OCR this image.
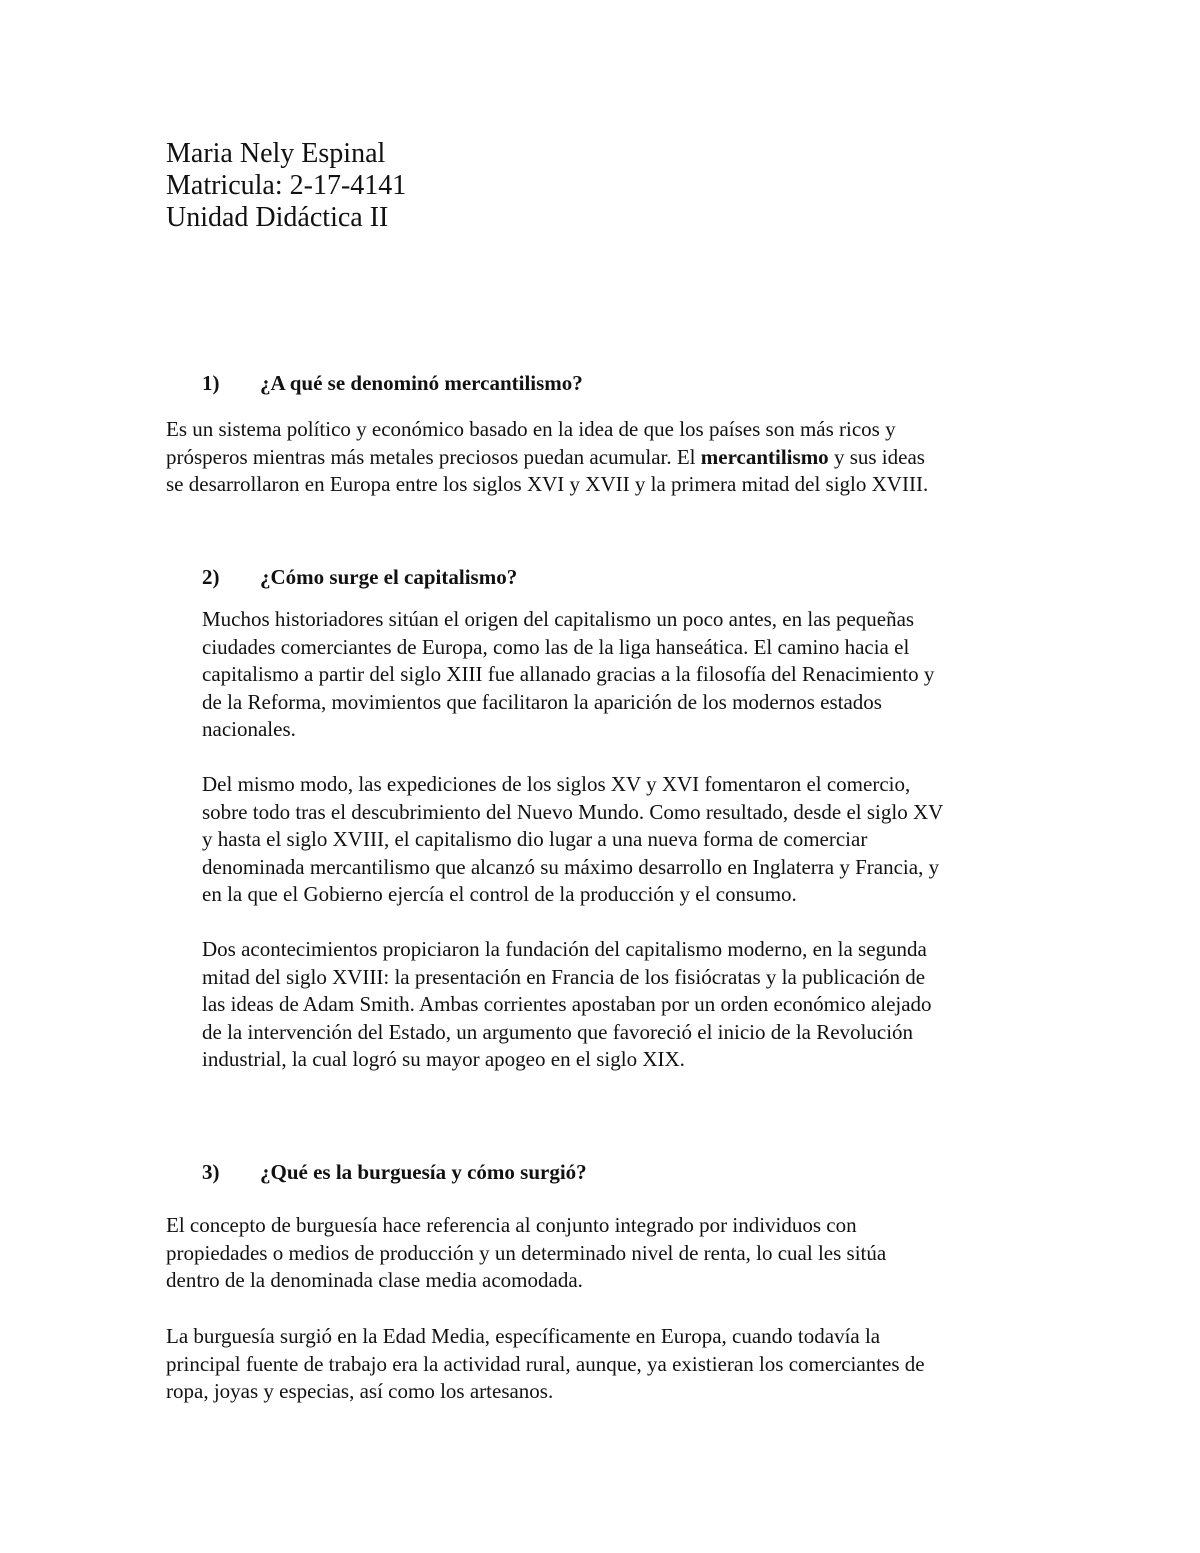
Maria Nely Espinal
Matricula: 2-17-4141
Unidad Didáctica II
1) ¿A qué se denominó mercantilismo?

Es un sistema político y económico basado en la idea de que los países son más ricos y
prósperos mientras más metales preciosos puedan acumular. El mercantilismo y sus ideas
se desarrollaron en Europa entre los siglos XVI y XVII y la primera mitad del siglo XVIII.

2) ¿Cómo surge el capitalismo?

Muchos historiadores sitúan el origen del capitalismo un poco antes, en las pequeñas
ciudades comerciantes de Europa, como las de la liga hanseática. El camino hacia el
capitalismo a partir del siglo XIII fue allanado gracias a la filosofía del Renacimiento y
de la Reforma, movimientos que facilitaron la aparición de los modernos estados
nacionales.

Del mismo modo, las expediciones de los siglos XV y XVI fomentaron el comercio,
sobre todo tras el descubrimiento del Nuevo Mundo. Como resultado, desde el siglo XV
y hasta el siglo XVIII, el capitalismo dio lugar a una nueva forma de comerciar
denominada mercantilismo que alcanzó su máximo desarrollo en Inglaterra y Francia, y
en la que el Gobierno ejercía el control de la producción y el consumo.

Dos acontecimientos propiciaron la fundación del capitalismo moderno, en la segunda
mitad del siglo XVIII: la presentación en Francia de los fisiócratas y la publicación de
las ideas de Adam Smith. Ambas corrientes apostaban por un orden económico alejado
de la intervención del Estado, un argumento que favoreció el inicio de la Revolución
industrial, la cual logró su mayor apogeo en el siglo XIX.

3) ¿Qué es la burguesía y cómo surgió?

El concepto de burguesía hace referencia al conjunto integrado por individuos con
propiedades o medios de producción y un determinado nivel de renta, lo cual les sitúa
dentro de la denominada clase media acomodada.

La burguesía surgió en la Edad Media, específicamente en Europa, cuando todavía la
principal fuente de trabajo era la actividad rural, aunque, ya existieran los comerciantes de
ropa, joyas y especias, así como los artesanos.
